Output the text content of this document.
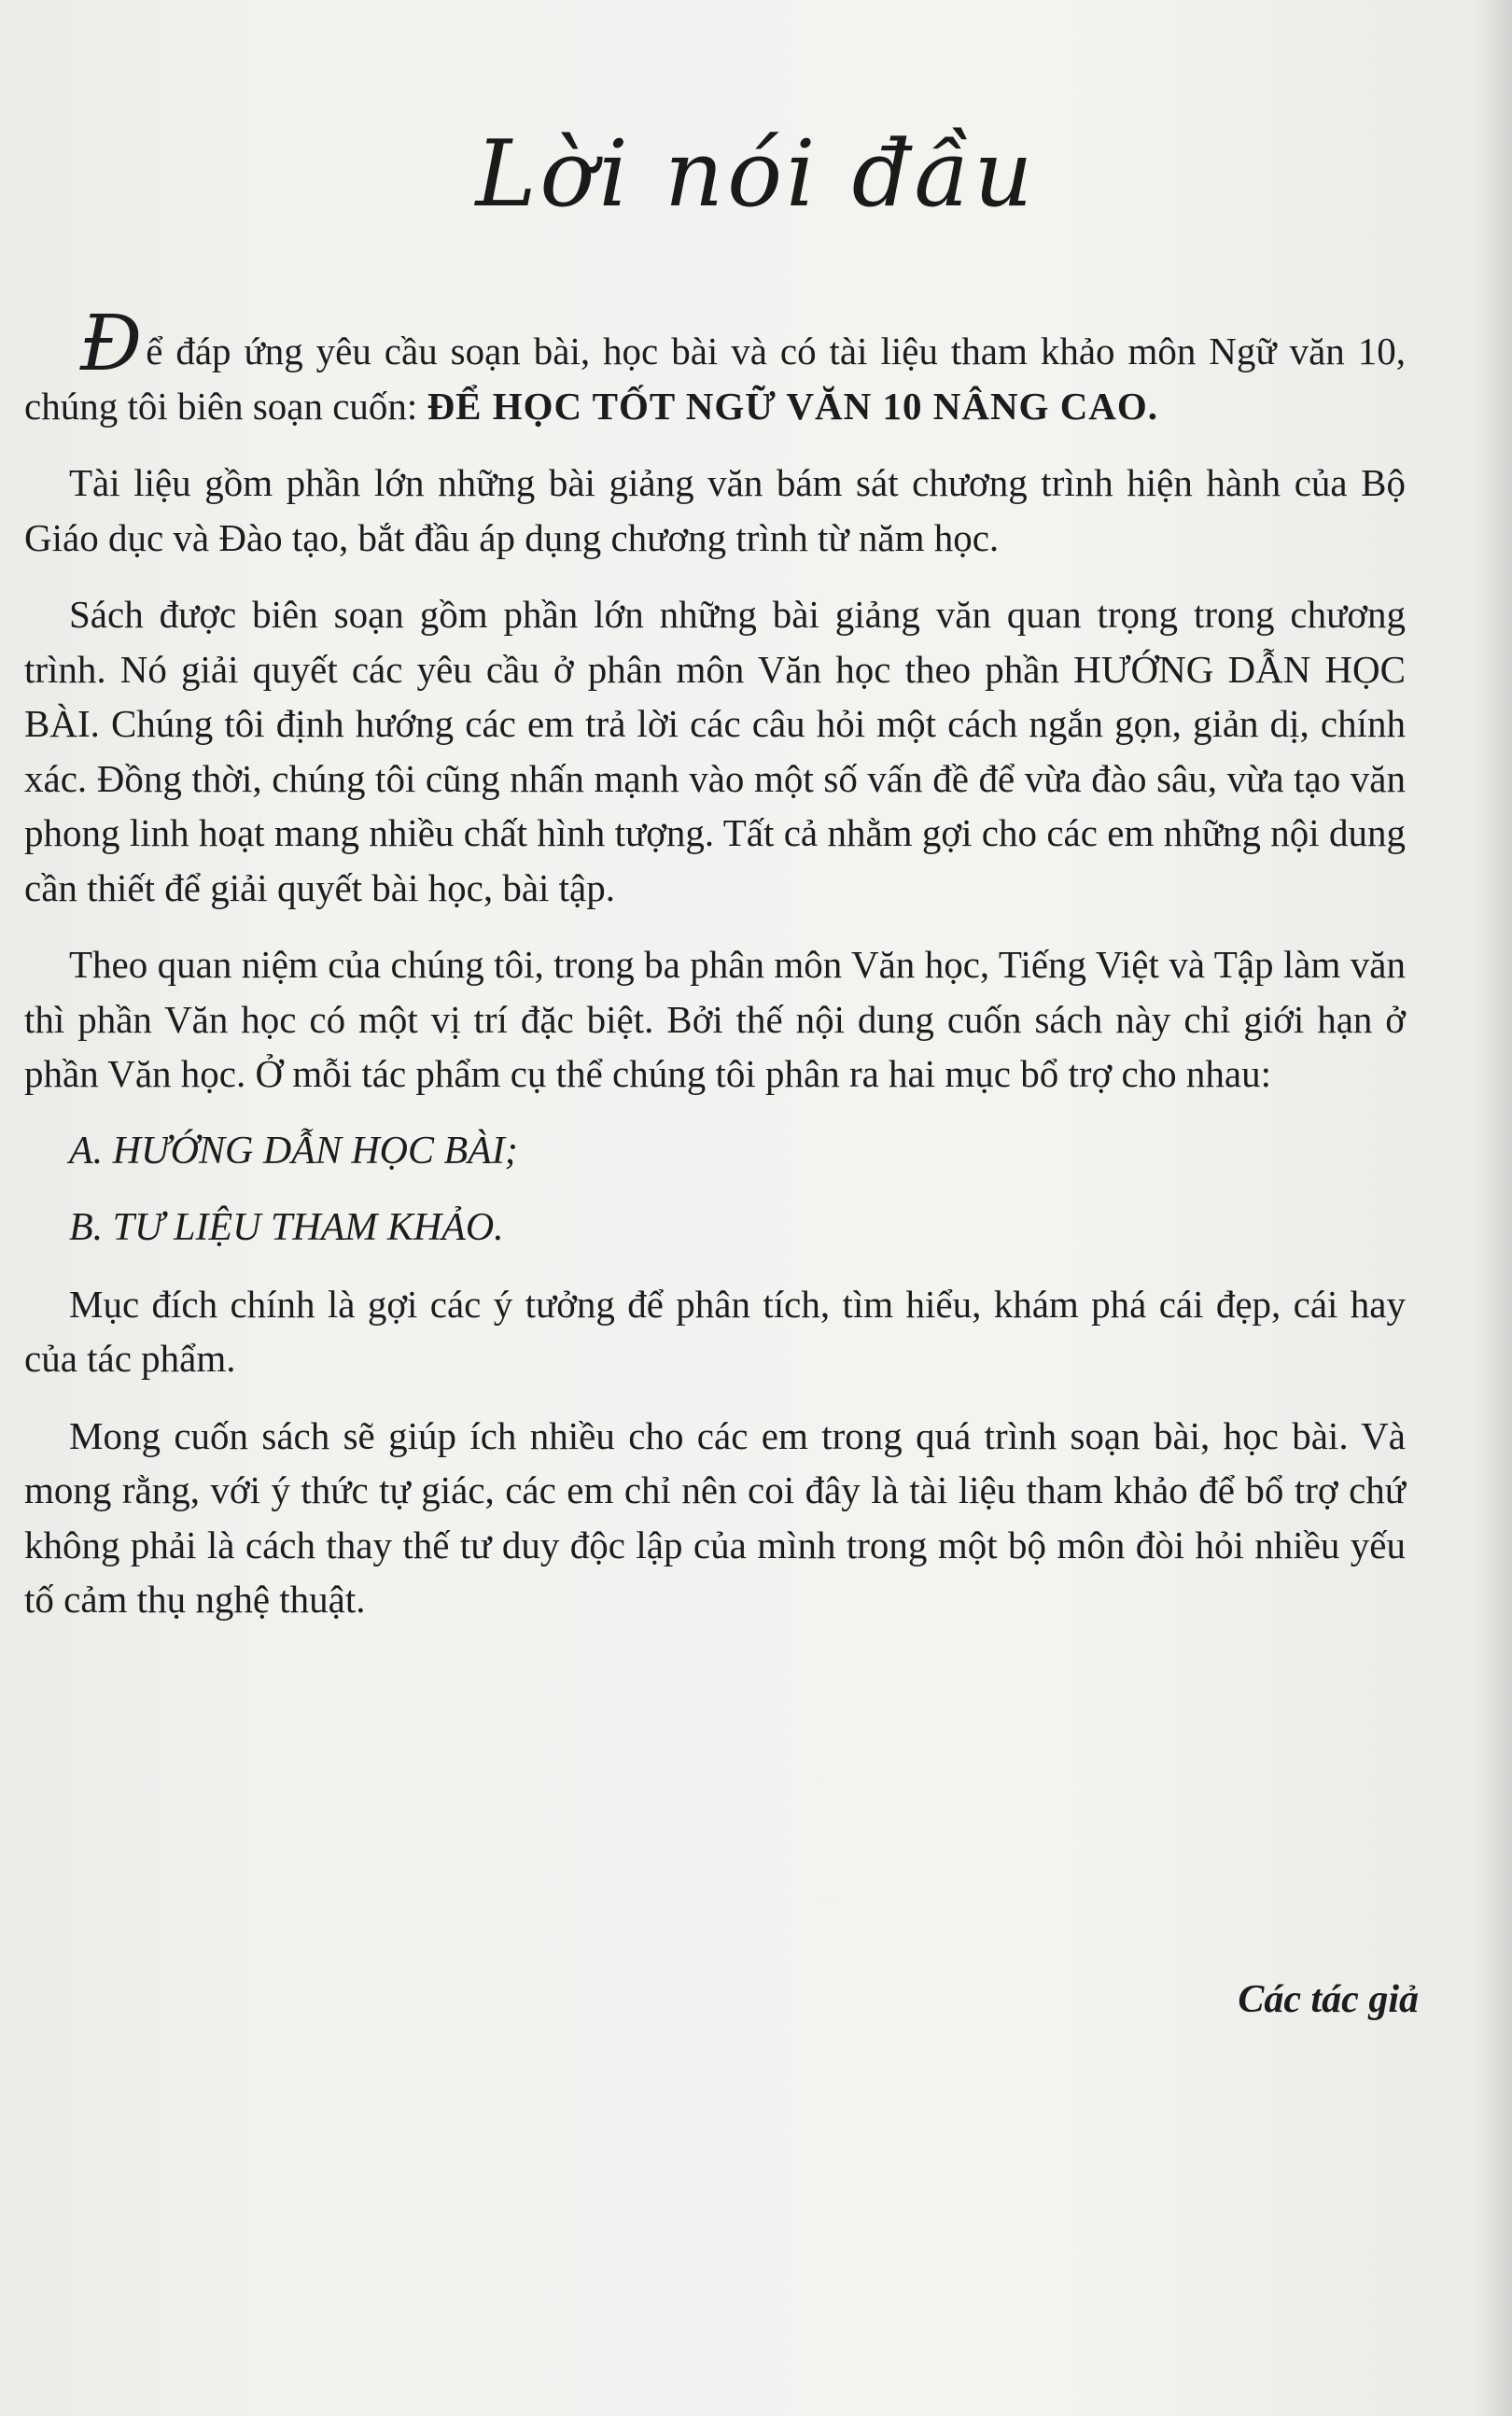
Lời nói đầu

Để đáp ứng yêu cầu soạn bài, học bài và có tài liệu tham khảo môn Ngữ văn 10, chúng tôi biên soạn cuốn: ĐỂ HỌC TỐT NGỮ VĂN 10 NÂNG CAO.

Tài liệu gồm phần lớn những bài giảng văn bám sát chương trình hiện hành của Bộ Giáo dục và Đào tạo, bắt đầu áp dụng chương trình từ năm học.

Sách được biên soạn gồm phần lớn những bài giảng văn quan trọng trong chương trình. Nó giải quyết các yêu cầu ở phân môn Văn học theo phần HƯỚNG DẪN HỌC BÀI. Chúng tôi định hướng các em trả lời các câu hỏi một cách ngắn gọn, giản dị, chính xác. Đồng thời, chúng tôi cũng nhấn mạnh vào một số vấn đề để vừa đào sâu, vừa tạo văn phong linh hoạt mang nhiều chất hình tượng. Tất cả nhằm gợi cho các em những nội dung cần thiết để giải quyết bài học, bài tập.

Theo quan niệm của chúng tôi, trong ba phân môn Văn học, Tiếng Việt và Tập làm văn thì phần Văn học có một vị trí đặc biệt. Bởi thế nội dung cuốn sách này chỉ giới hạn ở phần Văn học. Ở mỗi tác phẩm cụ thể chúng tôi phân ra hai mục bổ trợ cho nhau:

A. HƯỚNG DẪN HỌC BÀI;
B. TƯ LIỆU THAM KHẢO.

Mục đích chính là gợi các ý tưởng để phân tích, tìm hiểu, khám phá cái đẹp, cái hay của tác phẩm.

Mong cuốn sách sẽ giúp ích nhiều cho các em trong quá trình soạn bài, học bài. Và mong rằng, với ý thức tự giác, các em chỉ nên coi đây là tài liệu tham khảo để bổ trợ chứ không phải là cách thay thế tư duy độc lập của mình trong một bộ môn đòi hỏi nhiều yếu tố cảm thụ nghệ thuật.

Các tác giả
